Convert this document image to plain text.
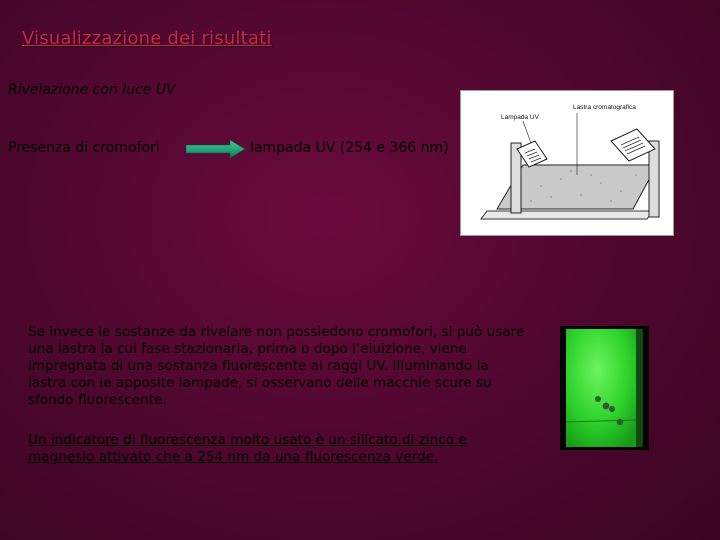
Visualizzazione dei risultati
Rivelazione con luce UV
Presenza di cromofori	lampada UV (254 e 366 nm)
Lampada UV
Lastra cromatografica
Se invece le sostanze da rivelare non possiedono cromofori, si può usare una lastra la cui fase stazionaria, prima o dopo l’eluizione, viene impregnata di una sostanza fluorescente ai raggi UV. Illuminando la lastra con le apposite lampade, si osservano delle macchie scure su sfondo fluorescente.
Un indicatore di fluorescenza molto usato è un silicato di zinco e magnesio attivato che a 254 nm da una fluorescenza verde.
